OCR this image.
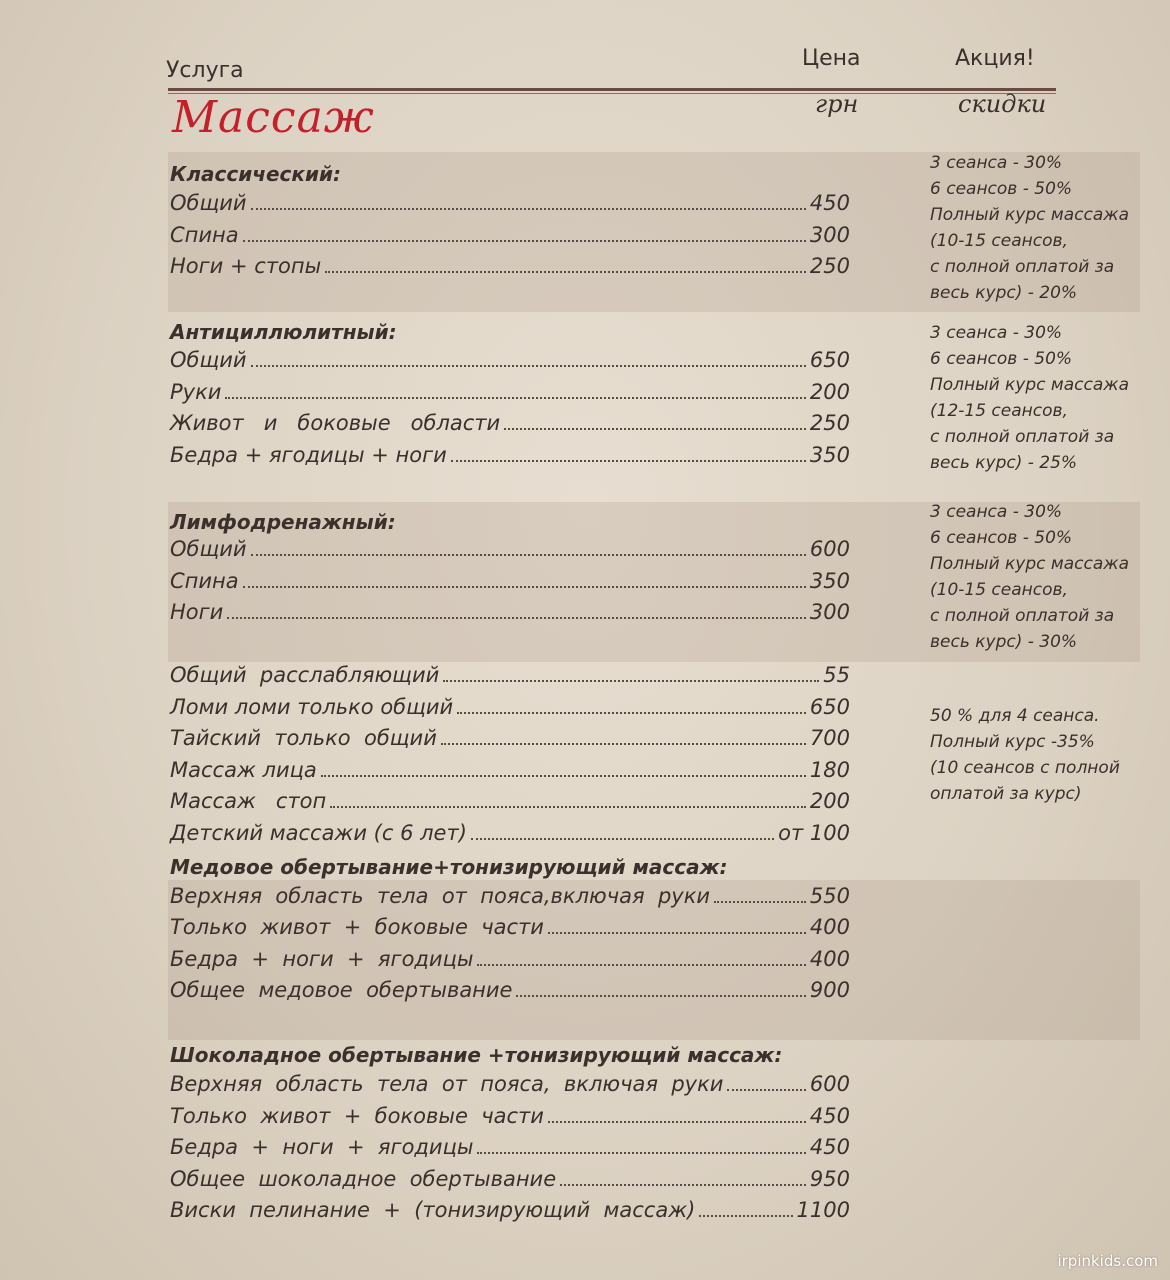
Услуга	Цена	Акция!
грн	скидки
Массаж
Классический:
Общий	450
Спина	300
Ноги + стопы	250
3 сеанса - 30%
6 сеансов - 50%
Полный курс массажа
(10-15 сеансов,
с полной оплатой за
весь курс) - 20%
Антициллюлитный:
Общий	650
Руки	200
Живот   и   боковые   области	250
Бедра + ягодицы + ноги	350
3 сеанса - 30%
6 сеансов - 50%
Полный курс массажа
(12-15 сеансов,
с полной оплатой за
весь курс) - 25%
Лимфодренажный:
Общий	600
Спина	350
Ноги	300
3 сеанса - 30%
6 сеансов - 50%
Полный курс массажа
(10-15 сеансов,
с полной оплатой за
весь курс) - 30%
Общий  расслабляющий	55
Ломи ломи только общий	650
Тайский  только  общий	700
Массаж лица	180
Массаж   стоп	200
Детский массажи (с 6 лет)	от 100
50 % для 4 сеанса.
Полный курс -35%
(10 сеансов с полной
оплатой за курс)
Медовое обертывание+тонизирующий массаж:
Верхняя  область  тела  от  пояса,включая  руки	550
Только  живот  +  боковые  части	400
Бедра  +  ноги  +  ягодицы	400
Общее  медовое  обертывание	900
Шоколадное обертывание +тонизирующий массаж:
Верхняя  область  тела  от  пояса,  включая  руки	600
Только  живот  +  боковые  части	450
Бедра  +  ноги  +  ягодицы	450
Общее  шоколадное  обертывание	950
Виски  пелинание  +  (тонизирующий  массаж)	1100
irpinkids.com
